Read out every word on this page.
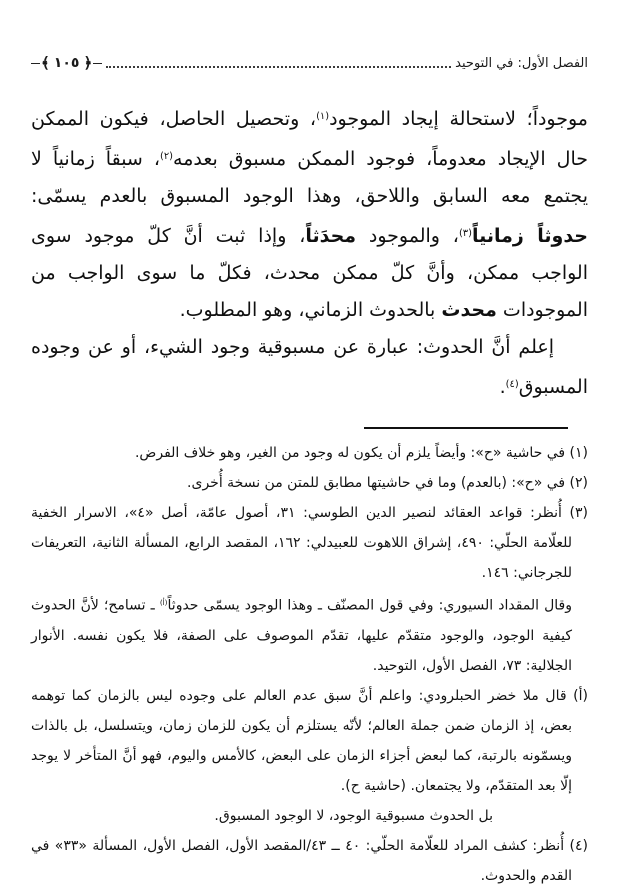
الفصل الأول: في التوحيد
﴿
١٠٥
﴾

موجوداً؛ لاستحالة إيجاد الموجود$^{(١)}$، وتحصيل الحاصل، فيكون الممكن حال الإيجاد معدوماً، فوجود الممكن مسبوق بعدمه$^{(٢)}$، سبقاً زمانياً لا يجتمع معه السابق واللاحق، وهذا الوجود المسبوق بالعدم يسمّى: حدوثاً زمانياً$^{(٣)}$، والموجود محدَثاً، وإذا ثبت أنَّ كلّ موجود سوى الواجب ممكن، وأنَّ كلّ ممكن محدث، فكلّ ما سوى الواجب من الموجودات محدث بالحدوث الزماني، وهو المطلوب.

إعلم أنَّ الحدوث: عبارة عن مسبوقية وجود الشيء، أو عن وجوده المسبوق$^{(٤)}$.

(١) في حاشية «ح»: وأيضاً يلزم أن يكون له وجود من الغير، وهو خلاف الفرض.

(٢) في «ح»: (بالعدم) وما في حاشيتها مطابق للمتن من نسخة أُخرى.

(٣) أُنظر: قواعد العقائد لنصير الدين الطوسي: ٣١، أصول عامّة، أصل «٤»، الاسرار الخفية للعلّامة الحلّي: ٤٩٠، إشراق اللاهوت للعبيدلي: ١٦٢، المقصد الرابع، المسألة الثانية، التعريفات للجرجاني: ١٤٦.

وقال المقداد السيوري: وفي قول المصنّف ـ وهذا الوجود يسمّى حدوثاً$^{(أ)}$ ـ تسامح؛ لأنَّ الحدوث كيفية الوجود، والوجود متقدّم عليها، تقدّم الموصوف على الصفة، فلا يكون نفسه. الأنوار الجلالية: ٧٣، الفصل الأول، التوحيد.

(أ) قال ملا خضر الحبلرودي: واعلم أنَّ سبق عدم العالم على وجوده ليس بالزمان كما توهمه بعض، إذ الزمان ضمن جملة العالم؛ لأنّه يستلزم أن يكون للزمان زمان، ويتسلسل، بل بالذات ويسمّونه بالرتبة، كما لبعض أجزاء الزمان على البعض، كالأمس واليوم، فهو أنَّ المتأخر لا يوجد إلّا بعد المتقدّم، ولا يجتمعان. (حاشية ح).

بل الحدوث مسبوقية الوجود، لا الوجود المسبوق.

(٤) أُنظر: كشف المراد للعلّامة الحلّي: ٤٠ ــ ٤٣/المقصد الأول، الفصل الأول، المسألة «٣٣» في القدم والحدوث.
